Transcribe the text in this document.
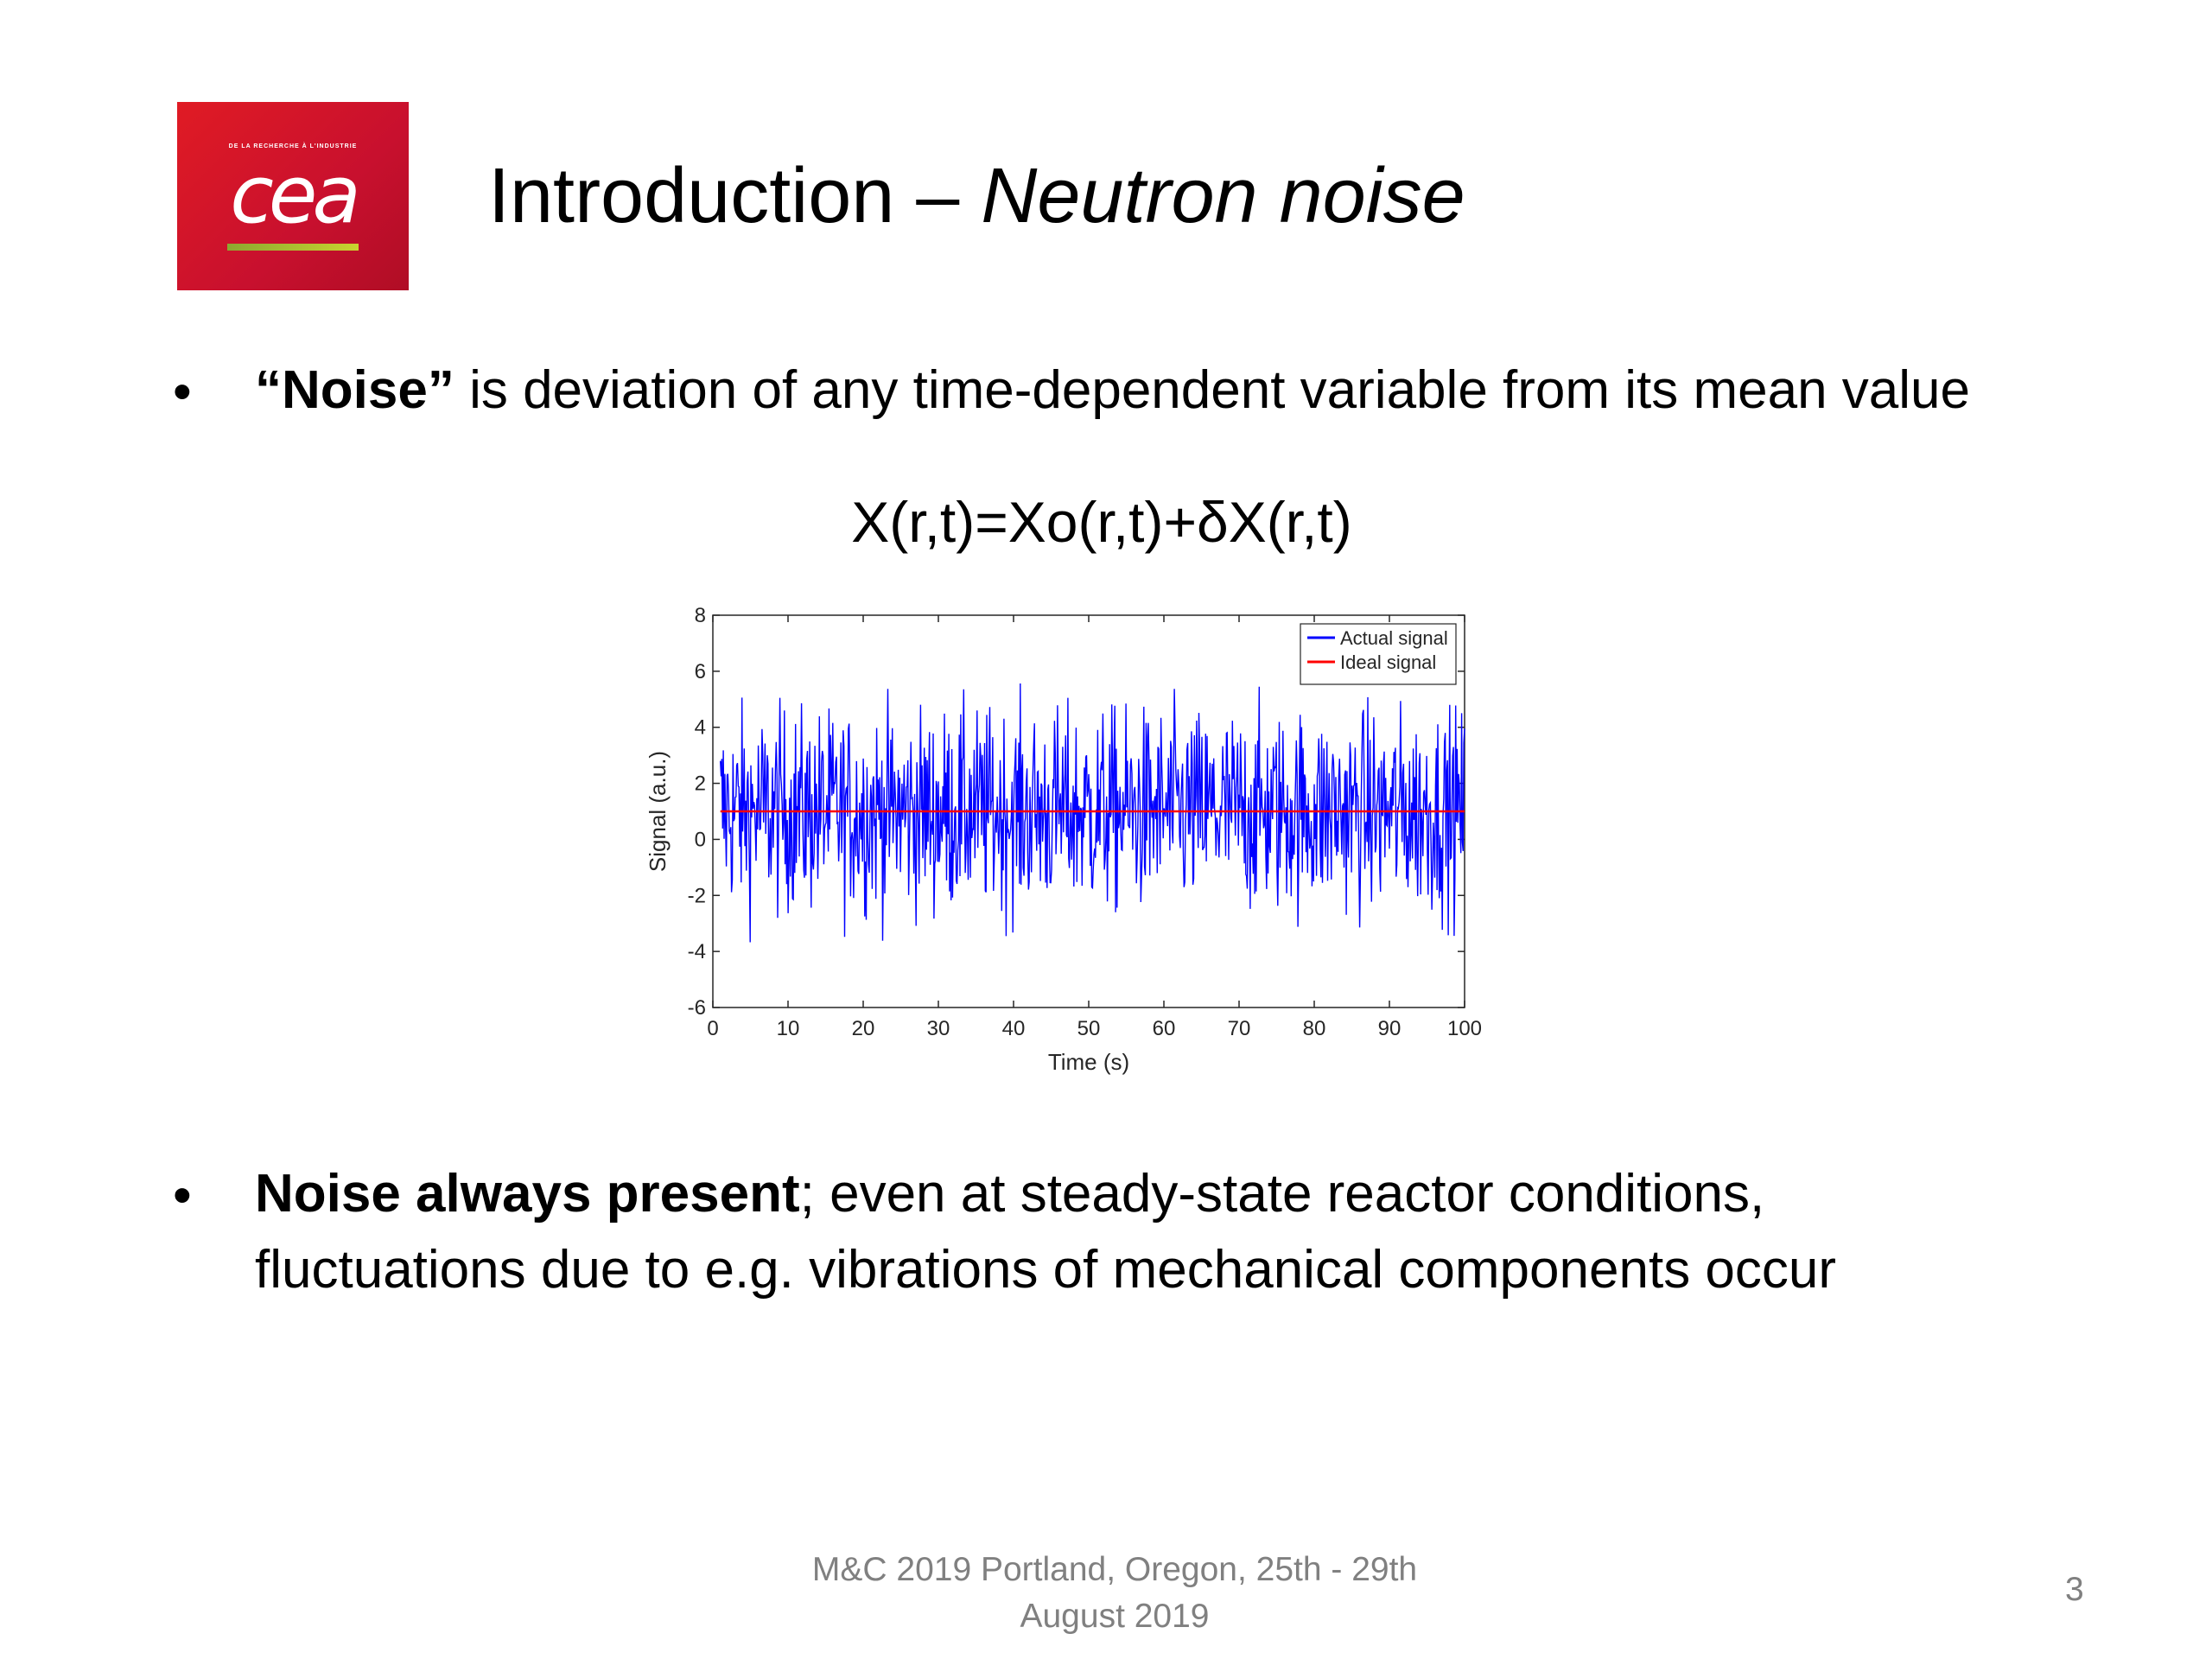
DE LA RECHERCHE À L'INDUSTRIE
cea	Introduction – Neutron noise
• “Noise” is deviation of any time-dependent variable from its mean value
X(r,t)=Xo(r,t)+δX(r,t)
0	10	20	30	40	50	60	70	80	90 100
-6
-4
-2
0
2
4
6
8
Time (s)
Signal (a.u.)
Actual signal
Ideal signal
• Noise always present; even at steady-state reactor conditions,
fluctuations due to e.g. vibrations of mechanical components occur
M&C 2019 Portland, Oregon, 25th - 29th
August 2019
3
